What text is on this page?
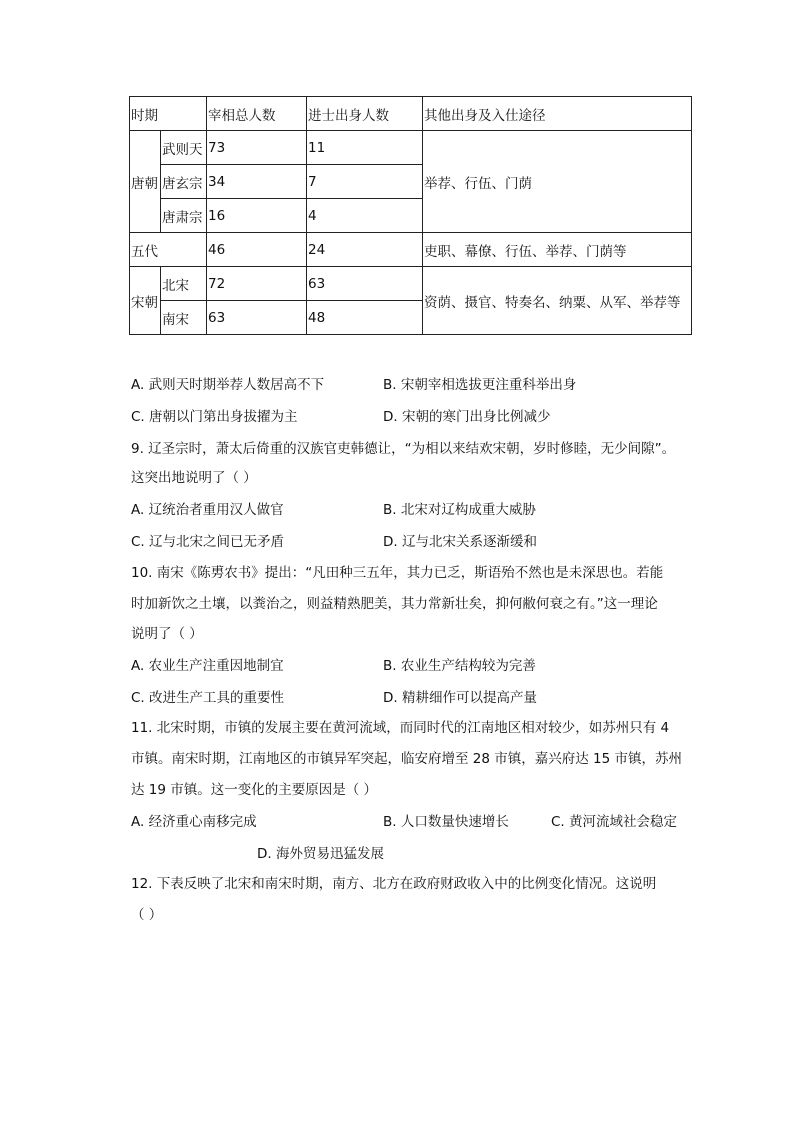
时期		宰相总人数	进士出身人数	其他出身及入仕途径
唐朝	武则天	73	11	举荐、行伍、门荫
	唐玄宗	34	7	
	唐肃宗	16	4	
五代		46	24	吏职、幕僚、行伍、举荐、门荫等
宋朝	北宋	72	63	资荫、摄官、特奏名、纳粟、从军、举荐等
	南宋	63	48	
A. 武则天时期举荐人数居高不下	B. 宋朝宰相选拔更注重科举出身
C. 唐朝以门第出身拔擢为主	D. 宋朝的寒门出身比例减少
9. 辽圣宗时，萧太后倚重的汉族官吏韩德让，“为相以来结欢宋朝，岁时修睦，无少间隙”。
这突出地说明了（ ）
A. 辽统治者重用汉人做官	B. 北宋对辽构成重大威胁
C. 辽与北宋之间已无矛盾	D. 辽与北宋关系逐渐缓和
10. 南宋《陈旉农书》提出：“凡田种三五年，其力已乏，斯语殆不然也是未深思也。若能
时加新饮之土壤，以粪治之，则益精熟肥美，其力常新壮矣，抑何敝何衰之有。”这一理论
说明了（ ）
A. 农业生产注重因地制宜	B. 农业生产结构较为完善
C. 改进生产工具的重要性	D. 精耕细作可以提高产量
11. 北宋时期，市镇的发展主要在黄河流域，而同时代的江南地区相对较少，如苏州只有 4
市镇。南宋时期，江南地区的市镇异军突起，临安府增至 28 市镇，嘉兴府达 15 市镇，苏州
达 19 市镇。这一变化的主要原因是（ ）
A. 经济重心南移完成	B. 人口数量快速增长	C. 黄河流域社会稳定
D. 海外贸易迅猛发展
12. 下表反映了北宋和南宋时期，南方、北方在政府财政收入中的比例变化情况。这说明
（ ）
